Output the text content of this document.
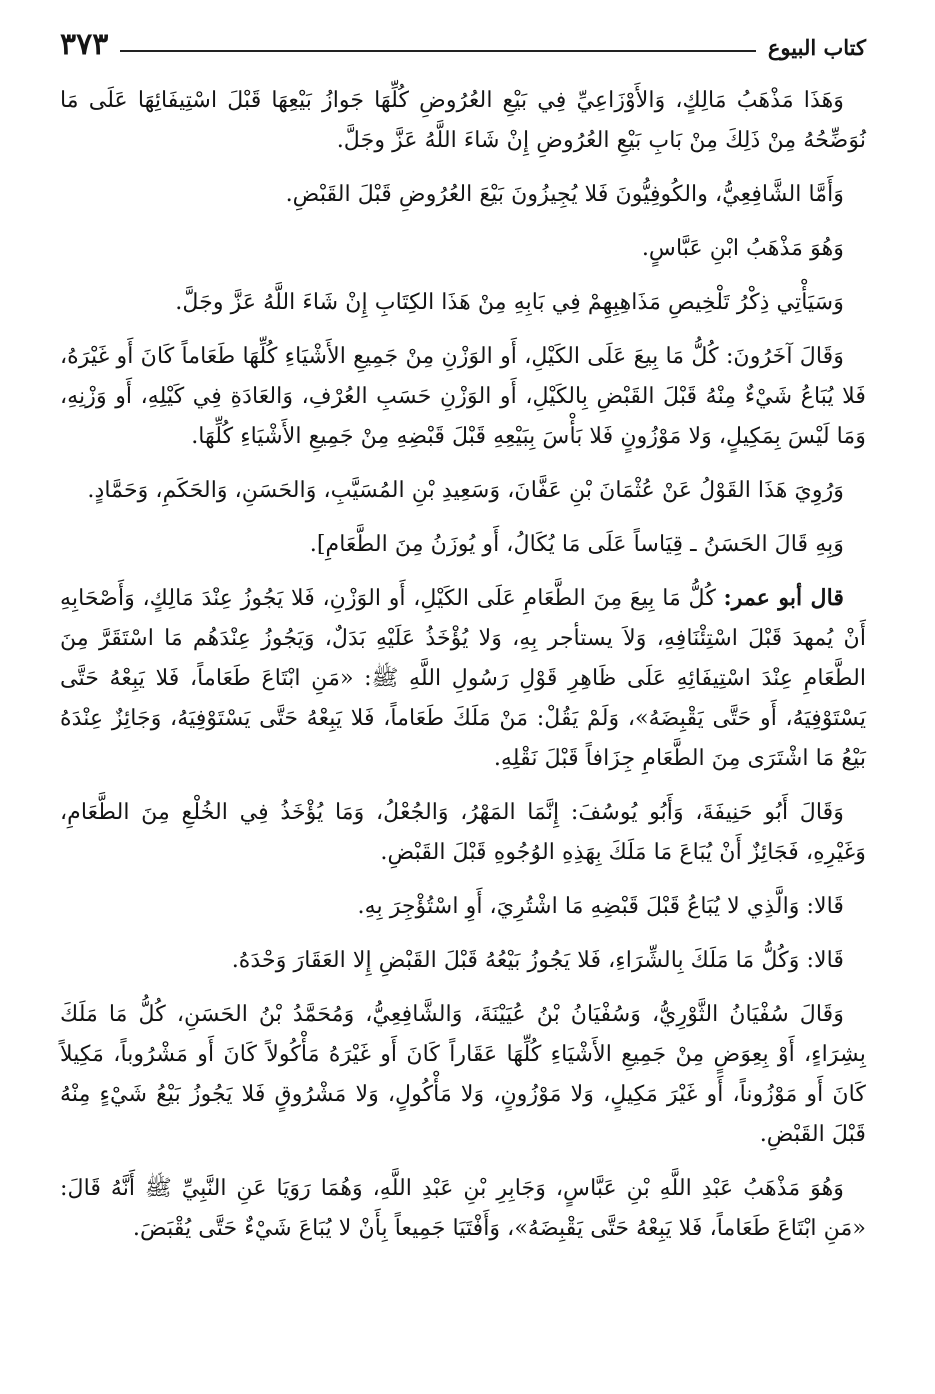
كتاب البيوع
٣٧٣

وَهَذَا مَذْهَبُ مَالِكٍ، وَالأَوْزَاعِيِّ فِي بَيْعِ العُرُوضِ كُلِّهَا جَوازُ بَيْعِهَا قَبْلَ اسْتِيفَائِهَا عَلَى مَا نُوَضِّحُهُ مِنْ ذَلِكَ مِنْ بَابِ بَيْعِ العُرُوضِ إِنْ شَاءَ اللَّهُ عَزَّ وجَلَّ.

وَأَمَّا الشَّافِعِيُّ، والكُوفِيُّونَ فَلا يُجِيزُونَ بَيْعَ العُرُوضِ قَبْلَ القَبْضِ.

وَهُوَ مَذْهَبُ ابْنِ عَبَّاسٍ.

وَسَيَأْتِي ذِكْرُ تَلْخِيصِ مَذَاهِبِهِمْ فِي بَابِهِ مِنْ هَذَا الكِتَابِ إِنْ شَاءَ اللَّهُ عَزَّ وجَلَّ.

وَقَالَ آخَرُونَ: كُلُّ مَا بِيعَ عَلَى الكَيْلِ، أَو الوَزْنِ مِنْ جَمِيعِ الأَشْيَاءِ كُلِّهَا طَعَاماً كَانَ أَو غَيْرَهُ، فَلا يُبَاعُ شَيْءٌ مِنْهُ قَبْلَ القَبْضِ بِالكَيْلِ، أَو الوَزْنِ حَسَبِ العُرْفِ، وَالعَادَةِ فِي كَيْلِهِ، أَو وَزْنِهِ، وَمَا لَيْسَ بِمَكِيلٍ، وَلا مَوْزُونٍ فَلا بَأْسَ بِبَيْعِهِ قَبْلَ قَبْضِهِ مِنْ جَمِيعِ الأَشْيَاءِ كُلِّهَا.

وَرُوِيَ هَذَا القَوْلُ عَنْ عُثْمَانَ بْنِ عَفَّانَ، وَسَعِيدِ بْنِ المُسَيَّبِ، وَالحَسَنِ، وَالحَكَمِ، وَحَمَّادٍ.

وَبِهِ قَالَ الحَسَنُ ـ قِيَاساً عَلَى مَا يُكَالُ، أَو يُوزَنُ مِنَ الطَّعَامِ].

قال أبو عمر: كُلُّ مَا بِيعَ مِنَ الطَّعَامِ عَلَى الكَيْلِ، أَو الوَزْنِ، فَلا يَجُوزُ عِنْدَ مَالِكٍ، وَأَصْحَابِهِ أَنْ يُمهدَ قَبْلَ اسْتِئْنَافِهِ، وَلاَ يستأجر بِهِ، وَلا يُؤْخَذُ عَلَيْهِ بَدَلٌ، وَيَجُوزُ عِنْدَهُم مَا اسْتَقَرَّ مِنَ الطَّعَامِ عِنْدَ اسْتِيفَائِهِ عَلَى ظَاهِرِ قَوْلِ رَسُولِ اللَّهِ ﷺ: «مَنِ ابْتَاعَ طَعَاماً، فَلا يَبِعْهُ حَتَّى يَسْتَوْفِيَهُ، أَو حَتَّى يَقْبِضَهُ»، وَلَمْ يَقُلْ: مَنْ مَلَكَ طَعَاماً، فَلا يَبِعْهُ حَتَّى يَسْتَوْفِيَهُ، وَجَائِزٌ عِنْدَهُ بَيْعُ مَا اشْتَرَى مِنَ الطَّعَامِ جِزَافاً قَبْلَ نَقْلِهِ.

وَقَالَ أَبُو حَنِيفَةَ، وَأَبُو يُوسُفَ: إِنَّمَا المَهْرُ، وَالجُعْلُ، وَمَا يُؤْخَذُ فِي الخُلْعِ مِنَ الطَّعَامِ، وَغَيْرِهِ، فَجَائِزٌ أَنْ يُبَاعَ مَا مَلَكَ بِهَذِهِ الوُجُوهِ قَبْلَ القَبْضِ.

قَالا: وَالَّذِي لا يُبَاعُ قَبْلَ قَبْضِهِ مَا اشْتُرِيَ، أَوِ اسْتُؤْجِرَ بِهِ.

قَالا: وَكُلُّ مَا مَلَكَ بِالشِّرَاءِ، فَلا يَجُوزُ بَيْعُهُ قَبْلَ القَبْضِ إِلا العَقَارَ وَحْدَهُ.

وَقَالَ سُفْيَانُ الثَّوْرِيُّ، وَسُفْيَانُ بْنُ عُيَيْنَةَ، وَالشَّافِعِيُّ، وَمُحَمَّدُ بْنُ الحَسَنِ، كُلُّ مَا مَلَكَ بِشِرَاءٍ، أَوْ بِعِوَضٍ مِنْ جَمِيعِ الأَشْيَاءِ كُلِّهَا عَقَاراً كَانَ أَو غَيْرَهُ مَأْكُولاً كَانَ أَو مَشْرُوباً، مَكِيلاً كَانَ أَو مَوْزُوناً، أَو غَيْرَ مَكِيلٍ، وَلا مَوْزُونٍ، وَلا مَأْكُولٍ، وَلا مَشْرُوقٍ فَلا يَجُوزُ بَيْعُ شَيْءٍ مِنْهُ قَبْلَ القَبْضِ.

وَهُوَ مَذْهَبُ عَبْدِ اللَّهِ بْنِ عَبَّاسٍ، وَجَابِرِ بْنِ عَبْدِ اللَّهِ، وَهُمَا رَوَيَا عَنِ النَّبِيِّ ﷺ أَنَّهُ قَالَ: «مَنِ ابْتَاعَ طَعَاماً، فَلا يَبِعْهُ حَتَّى يَقْبِضَهُ»، وَأَفْتَيَا جَمِيعاً بِأَنْ لا يُبَاعَ شَيْءٌ حَتَّى يُقْبَضَ.
